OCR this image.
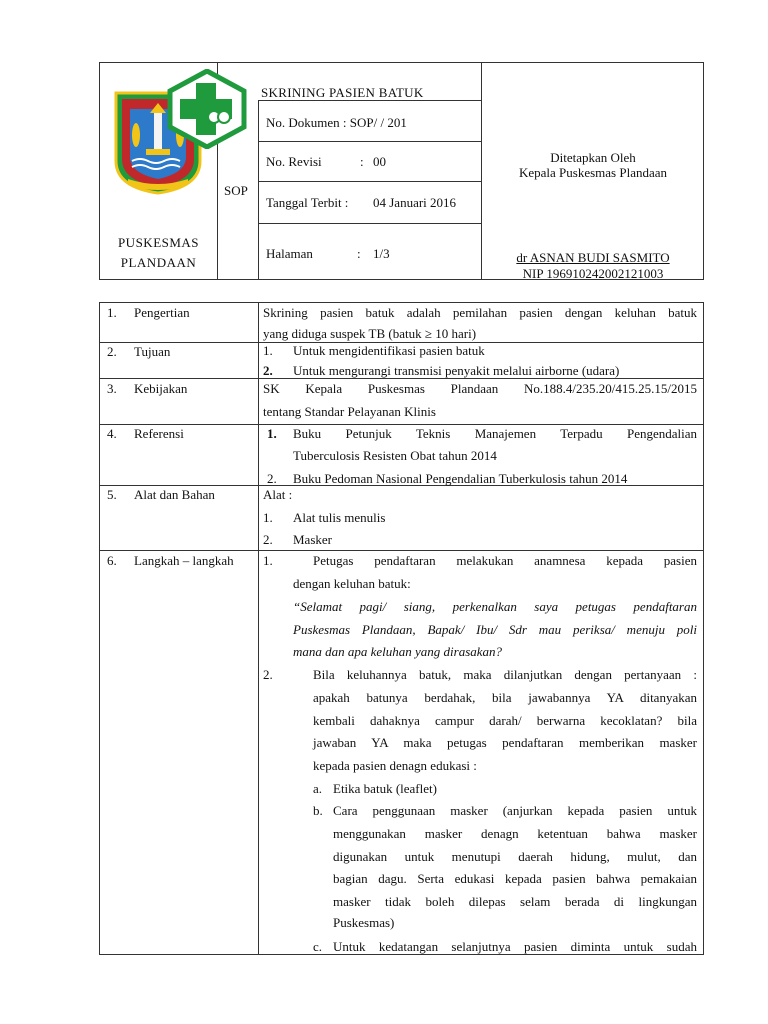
PUSKESMAS
PLANDAAN
SKRINING PASIEN BATUK
SOP
No. Dokumen : SOP/ / 201
No. Revisi	: 00
Tanggal Terbit : 04 Januari 2016
Halaman	: 1/3
Ditetapkan Oleh
Kepala Puskesmas Plandaan
dr ASNAN BUDI SASMITO
NIP 196910242002121003
1. Pengertian	Skrining pasien batuk adalah pemilahan pasien dengan keluhan batuk
yang diduga suspek TB (batuk ≥ 10 hari)
2. Tujuan	1. Untuk mengidentifikasi pasien batuk
2. Untuk mengurangi transmisi penyakit melalui airborne (udara)
3. Kebijakan	SK Kepala Puskesmas Plandaan No.188.4/235.20/415.25.15/2015
tentang Standar Pelayanan Klinis
4. Referensi	1. Buku Petunjuk Teknis Manajemen Terpadu Pengendalian
Tuberculosis Resisten Obat tahun 2014
2. Buku Pedoman Nasional Pengendalian Tuberkulosis tahun 2014
5. Alat dan Bahan	Alat :
1. Alat tulis menulis
2. Masker
6. Langkah – langkah 1.	Petugas pendaftaran melakukan anamnesa kepada pasien
dengan keluhan batuk:
“Selamat pagi/ siang, perkenalkan saya petugas pendaftaran
Puskesmas Plandaan, Bapak/ Ibu/ Sdr mau periksa/ menuju poli
mana dan apa keluhan yang dirasakan?
2.	Bila keluhannya batuk, maka dilanjutkan dengan pertanyaan :
apakah batunya berdahak, bila jawabannya YA ditanyakan
kembali dahaknya campur darah/ berwarna kecoklatan? bila
jawaban YA maka petugas pendaftaran memberikan masker
kepada pasien denagn edukasi :
a. Etika batuk (leaflet)
b. Cara penggunaan masker (anjurkan kepada pasien untuk
menggunakan masker denagn ketentuan bahwa masker
digunakan untuk menutupi daerah hidung, mulut, dan
bagian dagu. Serta edukasi kepada pasien bahwa pemakaian
masker tidak boleh dilepas selam berada di lingkungan
Puskesmas)
c. Untuk kedatangan selanjutnya pasien diminta untuk sudah
